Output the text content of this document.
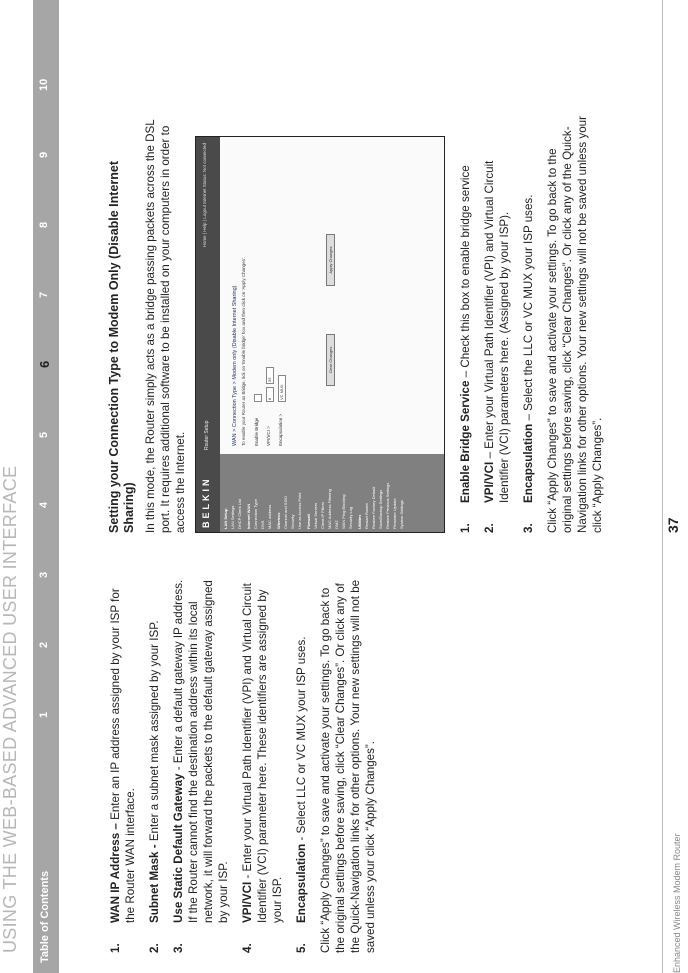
USING THE WEB-BASED ADVANCED USER INTERFACE Table of Contents
1
2
3
4
5
6
7
8
9
10
1.
WAN IP Address – Enter an IP address assigned by your ISP for the Router WAN interface.
2.
Subnet Mask - Enter a subnet mask assigned by your ISP.
3.
Use Static Default Gateway - Enter a default gateway IP address. If the Router cannot find the destination address within its local network, it will forward the packets to the default gateway assigned by your ISP.
4.
VPI/VCI - Enter your Virtual Path Identifier (VPI) and Virtual Circuit Identifier (VCI) parameter here. These identifiers are assigned by your ISP.
5.
Encapsulation - Select LLC or VC MUX your ISP uses. Click “Apply Changes” to save and activate your settings. To go back to the original settings before saving, click “Clear Changes”. Or click any of the Quick-Navigation links for other options. Your new settings will not be saved unless your click “Apply Changes”.

Setting your Connection Type to Modem Only (Disable Internet Sharing) In this mode, the Router simply acts as a bridge passing packets across the DSL port. It requires additional software to be installed on your computers in order to access the Internet. BELKIN
Router Setup
Home | Help | Logout Internet Status: Not connected
LAN Setup LAN Settings DHCP Client List Internet WAN Connection Type DNS MAC address Wireless Channel and SSID Security Use as Access Point Firewall Virtual Servers Client IP Filters MAC Address Filtering DMZ WAN Ping Blocking Security Log Utilities Restart Router Restore Factory Default Save/Backup Settings Restore Previous Settings Firmware Update System Settings
WAN > Connection Type > Modem only (Disable Internet Sharing) To enable your Router as Bridge, tick on 'Enable bridge' box and then click on 'Apply Changes'. Enable Bridge	VPI/VCI >
8
35
Encapsulation >
VC MUX
Clear Changes
Apply Changes
1.
Enable Bridge Service – Check this box to enable bridge service
2.
VPI/VCI – Enter your Virtual Path Identifier (VPI) and Virtual Circuit Identifier (VCI) parameters here. (Assigned by your ISP).
3.
Encapsulation – Select the LLC or VC MUX your ISP uses. Click “Apply Changes” to save and activate your settings. To go back to the original settings before saving, click “Clear Changes”. Or click any of the Quick-Navigation links for other options. Your new settings will not be saved unless your click “Apply Changes”.	37
Enhanced Wireless Modem Router
